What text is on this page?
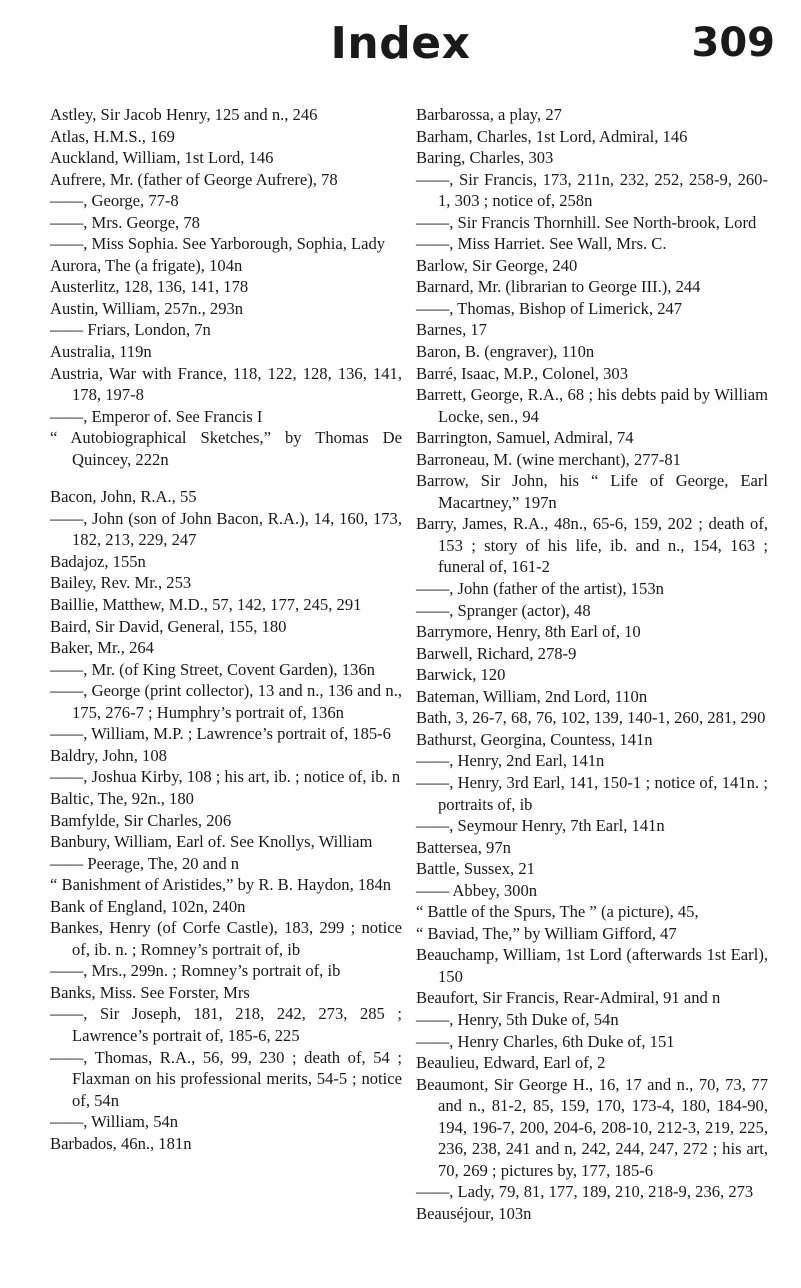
Index	309

Astley, Sir Jacob Henry, 125 and n., 246

Atlas, H.M.S., 169

Auckland, William, 1st Lord, 146

Aufrere, Mr. (father of George Aufrere), 78

——, George, 77-8

——, Mrs. George, 78

——, Miss Sophia. See Yarborough, Sophia, Lady

Aurora, The (a frigate), 104n

Austerlitz, 128, 136, 141, 178

Austin, William, 257n., 293n

—— Friars, London, 7n

Australia, 119n

Austria, War with France, 118, 122, 128, 136, 141, 178, 197-8

——, Emperor of. See Francis I

“ Autobiographical Sketches,” by Thomas De Quincey, 222n

Bacon, John, R.A., 55

——, John (son of John Bacon, R.A.), 14, 160, 173, 182, 213, 229, 247

Badajoz, 155n

Bailey, Rev. Mr., 253

Baillie, Matthew, M.D., 57, 142, 177, 245, 291

Baird, Sir David, General, 155, 180

Baker, Mr., 264

——, Mr. (of King Street, Covent Garden), 136n

——, George (print collector), 13 and n., 136 and n., 175, 276-7 ; Humphry’s portrait of, 136n

——, William, M.P. ; Lawrence’s portrait of, 185-6

Baldry, John, 108

——, Joshua Kirby, 108 ; his art, ib. ; notice of, ib. n

Baltic, The, 92n., 180

Bamfylde, Sir Charles, 206

Banbury, William, Earl of. See Knollys, William

—— Peerage, The, 20 and n

“ Banishment of Aristides,” by R. B. Haydon, 184n

Bank of England, 102n, 240n

Bankes, Henry (of Corfe Castle), 183, 299 ; notice of, ib. n. ; Romney’s portrait of, ib

——, Mrs., 299n. ; Romney’s portrait of, ib

Banks, Miss. See Forster, Mrs

——, Sir Joseph, 181, 218, 242, 273, 285 ; Lawrence’s portrait of, 185-6, 225

——, Thomas, R.A., 56, 99, 230 ; death of, 54 ; Flaxman on his professional merits, 54-5 ; notice of, 54n

——, William, 54n

Barbados, 46n., 181n

Barbarossa, a play, 27

Barham, Charles, 1st Lord, Admiral, 146

Baring, Charles, 303

——, Sir Francis, 173, 211n, 232, 252, 258-9, 260-1, 303 ; notice of, 258n

——, Sir Francis Thornhill. See North-brook, Lord

——, Miss Harriet. See Wall, Mrs. C.

Barlow, Sir George, 240

Barnard, Mr. (librarian to George III.), 244

——, Thomas, Bishop of Limerick, 247

Barnes, 17

Baron, B. (engraver), 110n

Barré, Isaac, M.P., Colonel, 303

Barrett, George, R.A., 68 ; his debts paid by William Locke, sen., 94

Barrington, Samuel, Admiral, 74

Barroneau, M. (wine merchant), 277-81

Barrow, Sir John, his “ Life of George, Earl Macartney,” 197n

Barry, James, R.A., 48n., 65-6, 159, 202 ; death of, 153 ; story of his life, ib. and n., 154, 163 ; funeral of, 161-2

——, John (father of the artist), 153n

——, Spranger (actor), 48

Barrymore, Henry, 8th Earl of, 10

Barwell, Richard, 278-9

Barwick, 120

Bateman, William, 2nd Lord, 110n

Bath, 3, 26-7, 68, 76, 102, 139, 140-1, 260, 281, 290

Bathurst, Georgina, Countess, 141n

——, Henry, 2nd Earl, 141n

——, Henry, 3rd Earl, 141, 150-1 ; notice of, 141n. ; portraits of, ib

——, Seymour Henry, 7th Earl, 141n

Battersea, 97n

Battle, Sussex, 21

—— Abbey, 300n

“ Battle of the Spurs, The ” (a picture), 45,

“ Baviad, The,” by William Gifford, 47

Beauchamp, William, 1st Lord (afterwards 1st Earl), 150

Beaufort, Sir Francis, Rear-Admiral, 91 and n

——, Henry, 5th Duke of, 54n

——, Henry Charles, 6th Duke of, 151

Beaulieu, Edward, Earl of, 2

Beaumont, Sir George H., 16, 17 and n., 70, 73, 77 and n., 81-2, 85, 159, 170, 173-4, 180, 184-90, 194, 196-7, 200, 204-6, 208-10, 212-3, 219, 225, 236, 238, 241 and n, 242, 244, 247, 272 ; his art, 70, 269 ; pictures by, 177, 185-6

——, Lady, 79, 81, 177, 189, 210, 218-9, 236, 273

Beauséjour, 103n
